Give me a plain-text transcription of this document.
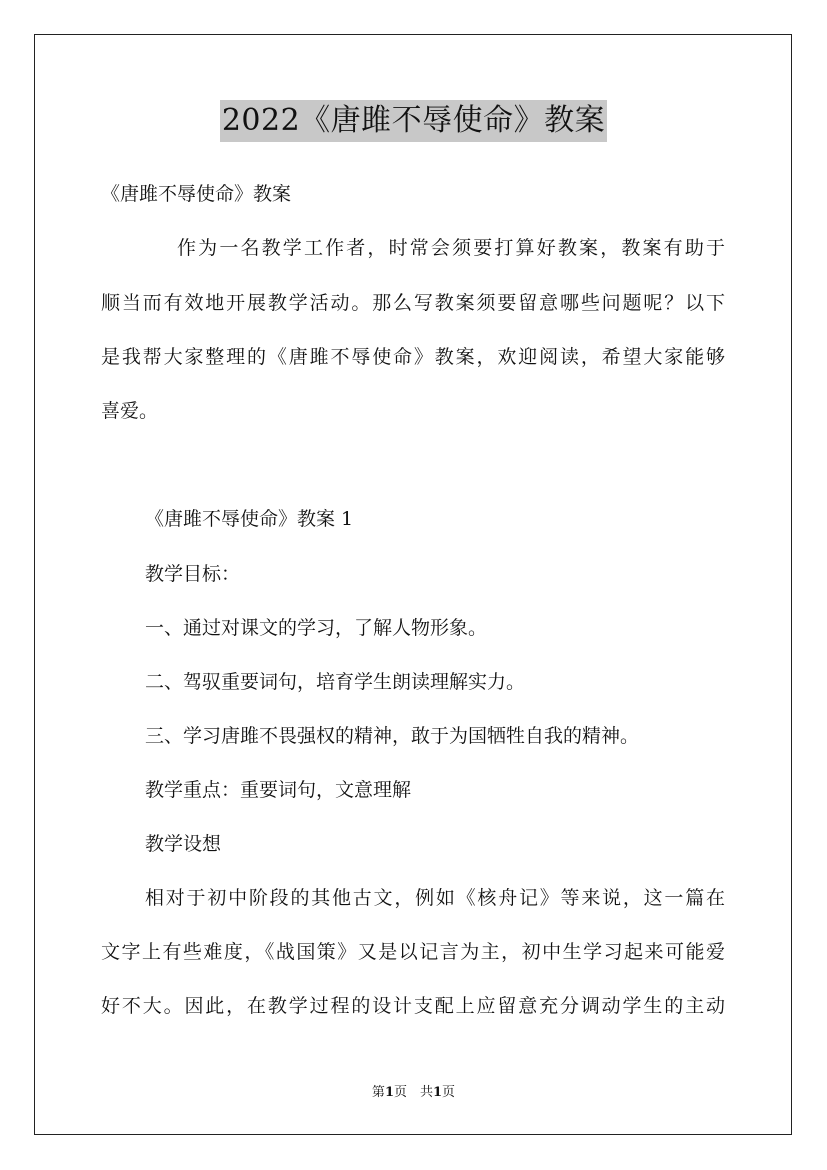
2022《唐雎不辱使命》教案
《唐雎不辱使命》教案
作为一名教学工作者，时常会须要打算好教案，教案有助于
顺当而有效地开展教学活动。那么写教案须要留意哪些问题呢？以下
是我帮大家整理的《唐雎不辱使命》教案，欢迎阅读，希望大家能够
喜爱。
《唐雎不辱使命》教案 1
教学目标：
一、通过对课文的学习，了解人物形象。
二、驾驭重要词句，培育学生朗读理解实力。
三、学习唐雎不畏强权的精神，敢于为国牺牲自我的精神。
教学重点：重要词句，文意理解
教学设想
相对于初中阶段的其他古文，例如《核舟记》等来说，这一篇在
文字上有些难度，《战国策》又是以记言为主，初中生学习起来可能爱
好不大。因此，在教学过程的设计支配上应留意充分调动学生的主动
第1页　共1页
